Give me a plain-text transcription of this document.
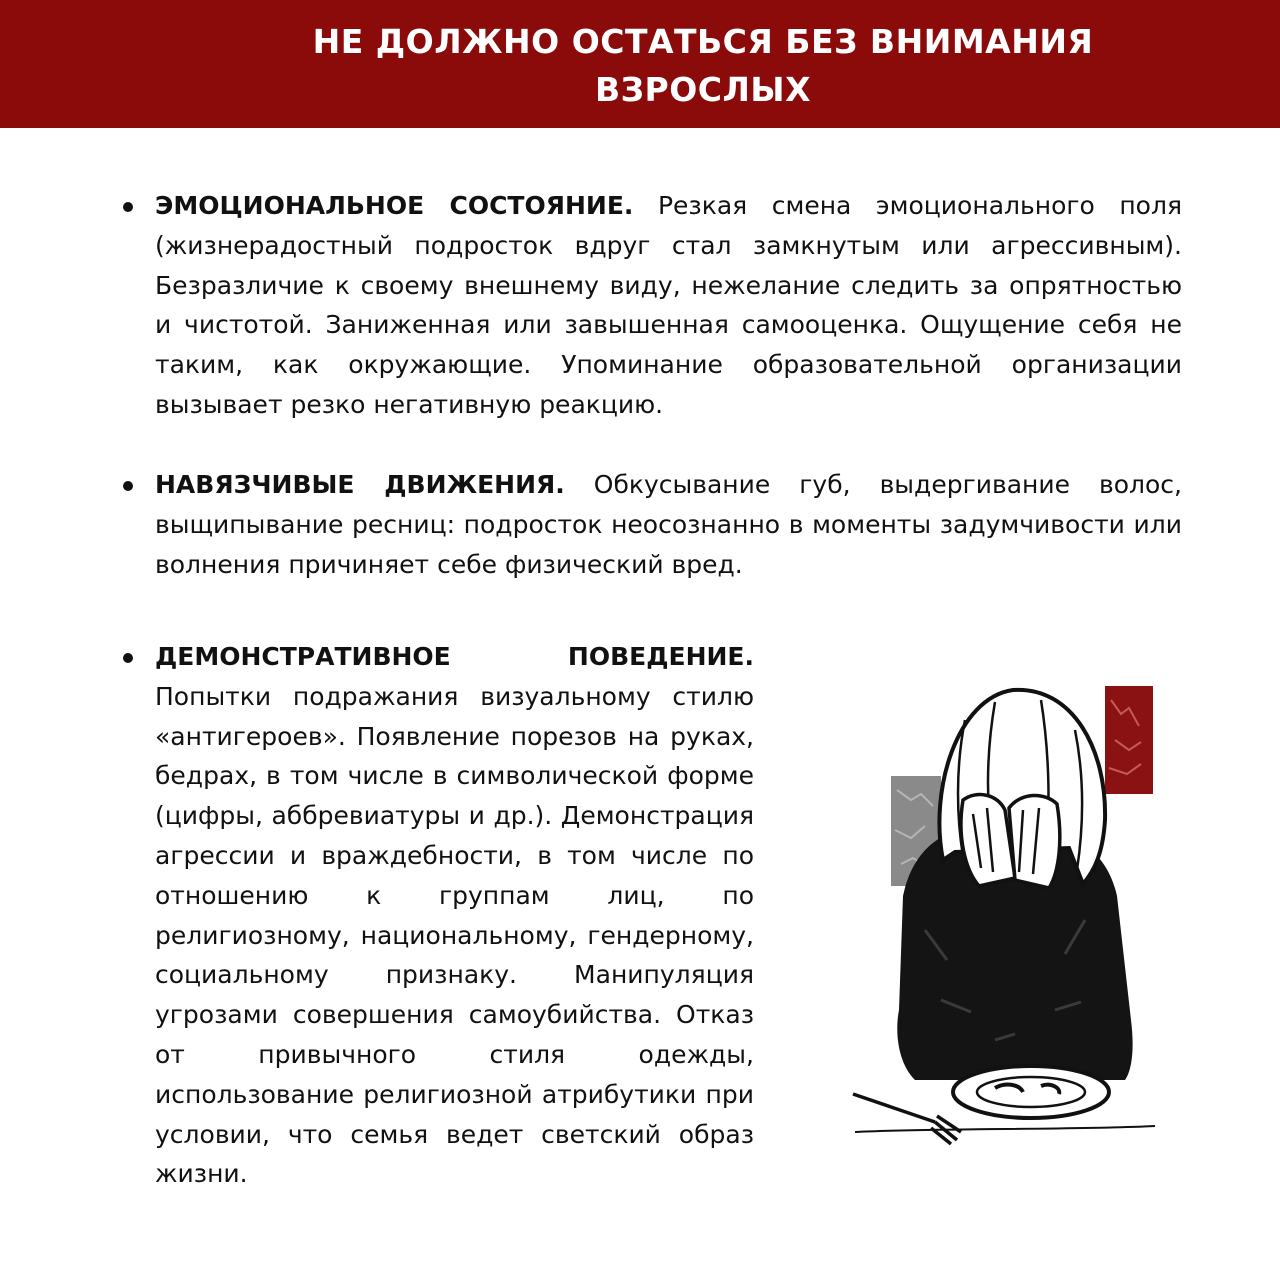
НЕ ДОЛЖНО ОСТАТЬСЯ БЕЗ ВНИМАНИЯ
ВЗРОСЛЫХ

ЭМОЦИОНАЛЬНОЕ СОСТОЯНИЕ. Резкая смена эмоционального поля (жизнерадостный подросток вдруг стал замкнутым или агрессивным). Безразличие к своему внешнему виду, нежелание следить за опрятностью и чистотой. Заниженная или завышенная самооценка. Ощущение себя не таким, как окружающие. Упоминание образовательной организации вызывает резко негативную реакцию.

НАВЯЗЧИВЫЕ ДВИЖЕНИЯ. Обкусывание губ, выдергивание волос, выщипывание ресниц: подросток неосознанно в моменты задумчивости или волнения причиняет себе физический вред.

ДЕМОНСТРАТИВНОЕ ПОВЕДЕНИЕ. Попытки подражания визуальному стилю «антигероев». Появление порезов на руках, бедрах, в том числе в символической форме (цифры, аббревиатуры и др.). Демонстрация агрессии и враждебности, в том числе по отношению к группам лиц, по религиозному, национальному, гендерному, социальному признаку. Манипуляция угрозами совершения самоубийства. Отказ от привычного стиля одежды, использование религиозной атрибутики при условии, что семья ведет светский образ жизни.
